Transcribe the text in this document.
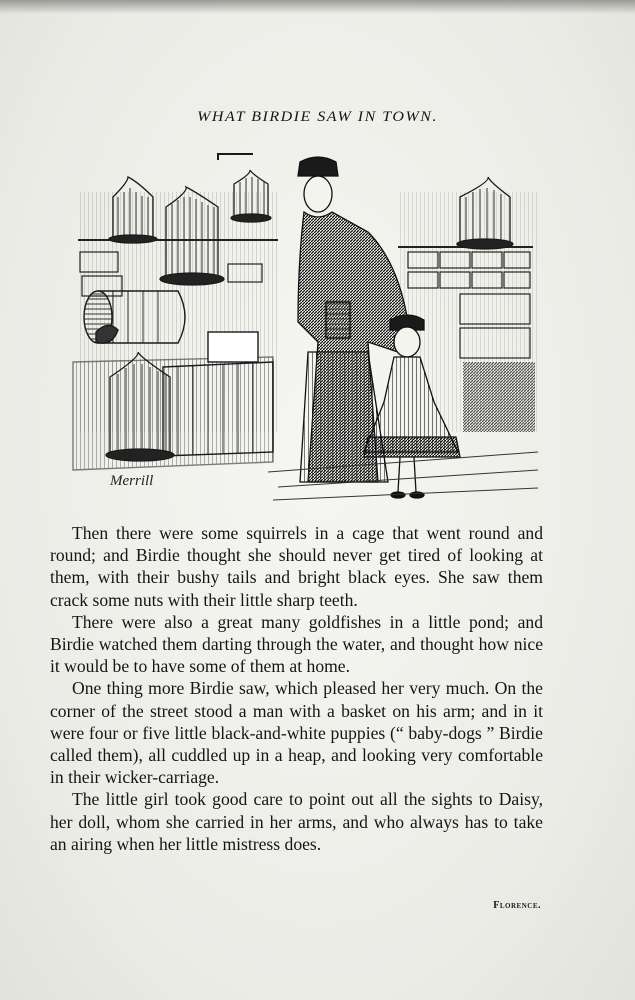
WHAT BIRDIE SAW IN TOWN.
Merrill

Then there were some squirrels in a cage that went round and round; and Birdie thought she should never get tired of looking at them, with their bushy tails and bright black eyes. She saw them crack some nuts with their little sharp teeth.

There were also a great many goldfishes in a little pond; and Birdie watched them darting through the water, and thought how nice it would be to have some of them at home.

One thing more Birdie saw, which pleased her very much. On the corner of the street stood a man with a basket on his arm; and in it were four or five little black-and-white puppies (“ baby-dogs ” Birdie called them), all cuddled up in a heap, and looking very comfortable in their wicker-carriage.

The little girl took good care to point out all the sights to Daisy, her doll, whom she carried in her arms, and who always has to take an airing when her little mistress does.

Florence.
